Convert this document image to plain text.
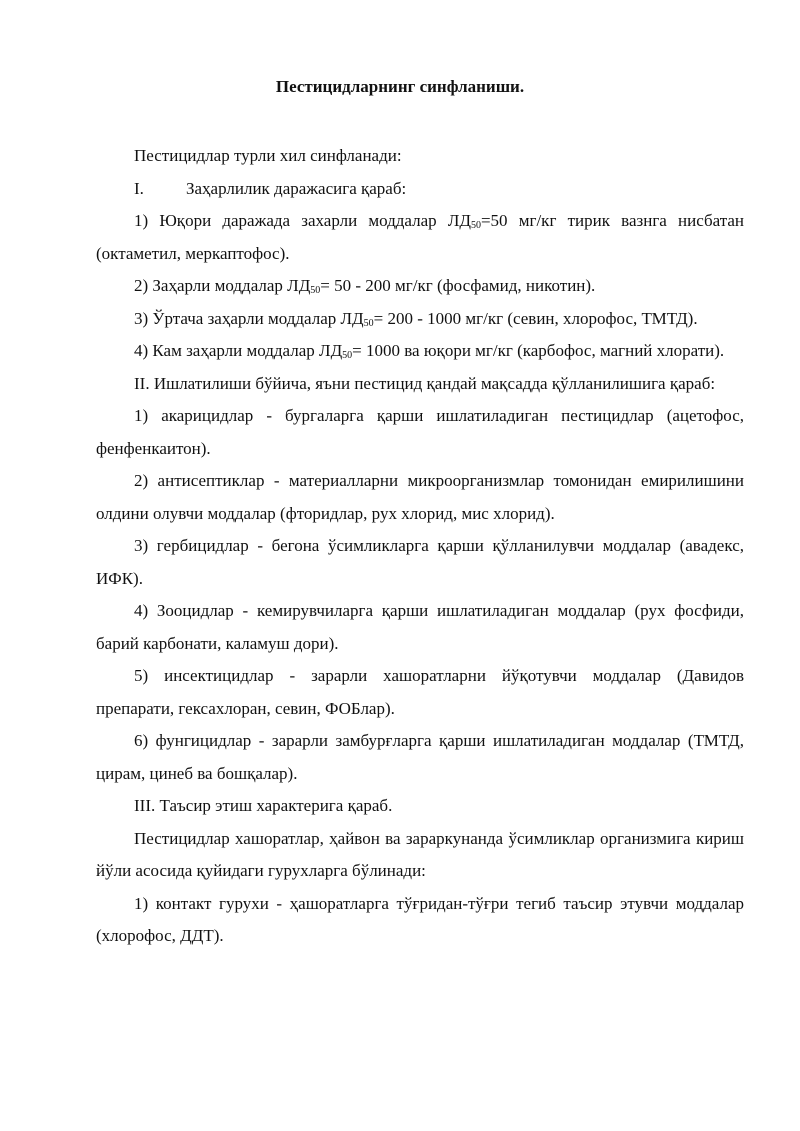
Пестицидларнинг синфланиши.

Пестицидлар турли хил синфланади:

I. Заҳарлилик даражасига қараб:

1) Юқори даражада захарли моддалар $ЛД_{50}=50$ мг/кг тирик вазнга нисбатан (октаметил, меркаптофос).

2) Заҳарли моддалар $ЛД_{50}= 50 - 200$ мг/кг (фосфамид, никотин).

3) Ўртача заҳарли моддалар $ЛД_{50}= 200 - 1000$ мг/кг (севин, хлорофос, ТМТД).

4) Кам заҳарли моддалар $ЛД_{50}= 1000$ ва юқори мг/кг (карбофос, магний хлорати).

II. Ишлатилиши бўйича, яъни пестицид қандай мақсадда қўлланилишига қараб:

1) акарицидлар - бургаларга қарши ишлатиладиган пестицидлар (ацетофос, фенфенкаитон).

2) антисептиклар - материалларни микроорганизмлар томонидан емирилишини олдини олувчи моддалар (фторидлар, рух хлорид, мис хлорид).

3) гербицидлар - бегона ўсимликларга қарши қўлланилувчи моддалар (авадекс, ИФК).

4) Зооцидлар - кемирувчиларга қарши ишлатиладиган моддалар (рух фосфиди, барий карбонати, каламуш дори).

5) инсектицидлар - зарарли хашоратларни йўқотувчи моддалар (Давидов препарати, гексахлоран, севин, ФОБлар).

6) фунгицидлар - зарарли замбурғларга қарши ишлатиладиган моддалар (ТМТД, цирам, цинеб ва бошқалар).

III. Таъсир этиш характерига қараб.

Пестицидлар хашоратлар, ҳайвон ва зараркунанда ўсимликлар организмига кириш йўли асосида қуйидаги гурухларга бўлинади:

1) контакт гурухи - ҳашоратларга тўғридан-тўғри тегиб таъсир этувчи моддалар (хлорофос, ДДТ).
